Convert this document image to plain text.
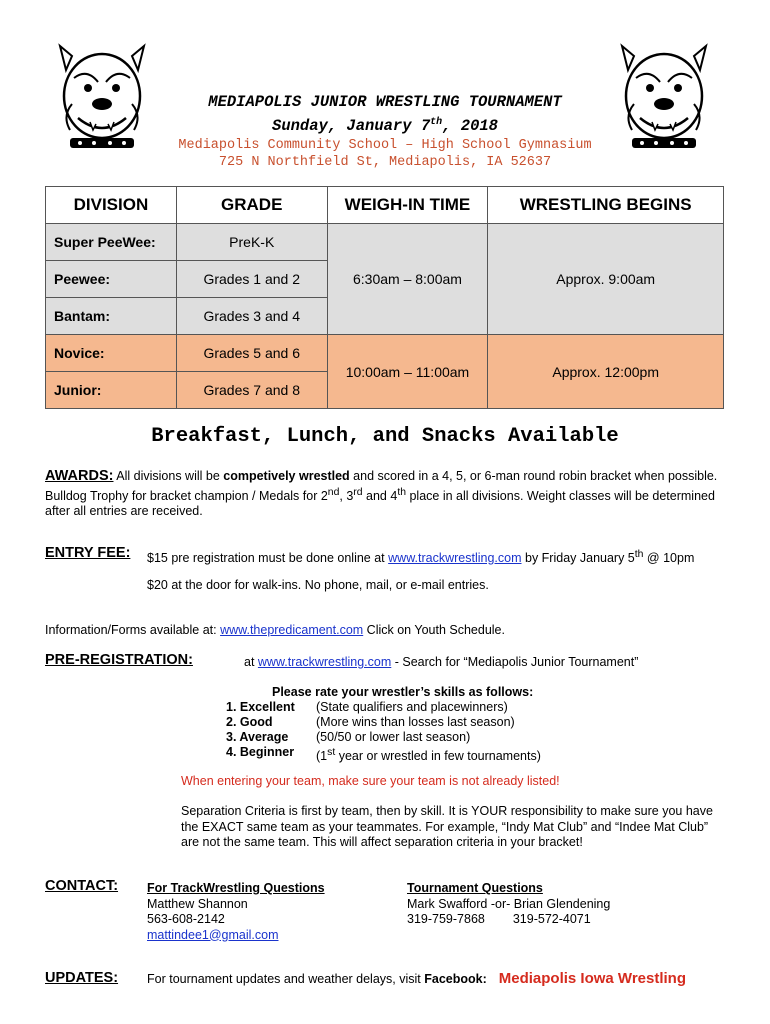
MEDIAPOLIS JUNIOR WRESTLING TOURNAMENT
Sunday, January 7th, 2018
Mediapolis Community School – High School Gymnasium
725 N Northfield St, Mediapolis, IA 52637
DIVISION	GRADE	WEIGH-IN TIME	WRESTLING BEGINS
Super PeeWee:	PreK-K	6:30am – 8:00am	Approx. 9:00am
Peewee:	Grades 1 and 2		
Bantam:	Grades 3 and 4		
Novice:	Grades 5 and 6	10:00am – 11:00am	Approx. 12:00pm
Junior:	Grades 7 and 8		
Breakfast, Lunch, and Snacks Available
AWARDS: All divisions will be competively wrestled and scored in a 4, 5, or 6-man round robin bracket when possible. Bulldog Trophy for bracket champion / Medals for 2nd, 3rd and 4th place in all divisions. Weight classes will be determined after all entries are received.
ENTRY FEE: $15 pre registration must be done online at www.trackwrestling.com by Friday January 5th @ 10pm
$20 at the door for walk-ins. No phone, mail, or e-mail entries.
Information/Forms available at: www.thepredicament.com Click on Youth Schedule.
PRE-REGISTRATION:	at www.trackwrestling.com - Search for “Mediapolis Junior Tournament”
Please rate your wrestler’s skills as follows:
1. Excellent	(State qualifiers and placewinners)
2. Good	(More wins than losses last season)
3. Average	(50/50 or lower last season)
4. Beginner	(1st year or wrestled in few tournaments)
When entering your team, make sure your team is not already listed!
Separation Criteria is first by team, then by skill. It is YOUR responsibility to make sure you have the EXACT same team as your teammates. For example, “Indy Mat Club” and “Indee Mat Club” are not the same team. This will affect separation criteria in your bracket!
CONTACT: For TrackWrestling Questions
Matthew Shannon
563-608-2142
mattindee1@gmail.com
Tournament Questions
Mark Swafford -or- Brian Glendening
319-759-7868 319-572-4071
UPDATES: For tournament updates and weather delays, visit Facebook: Mediapolis Iowa Wrestling
